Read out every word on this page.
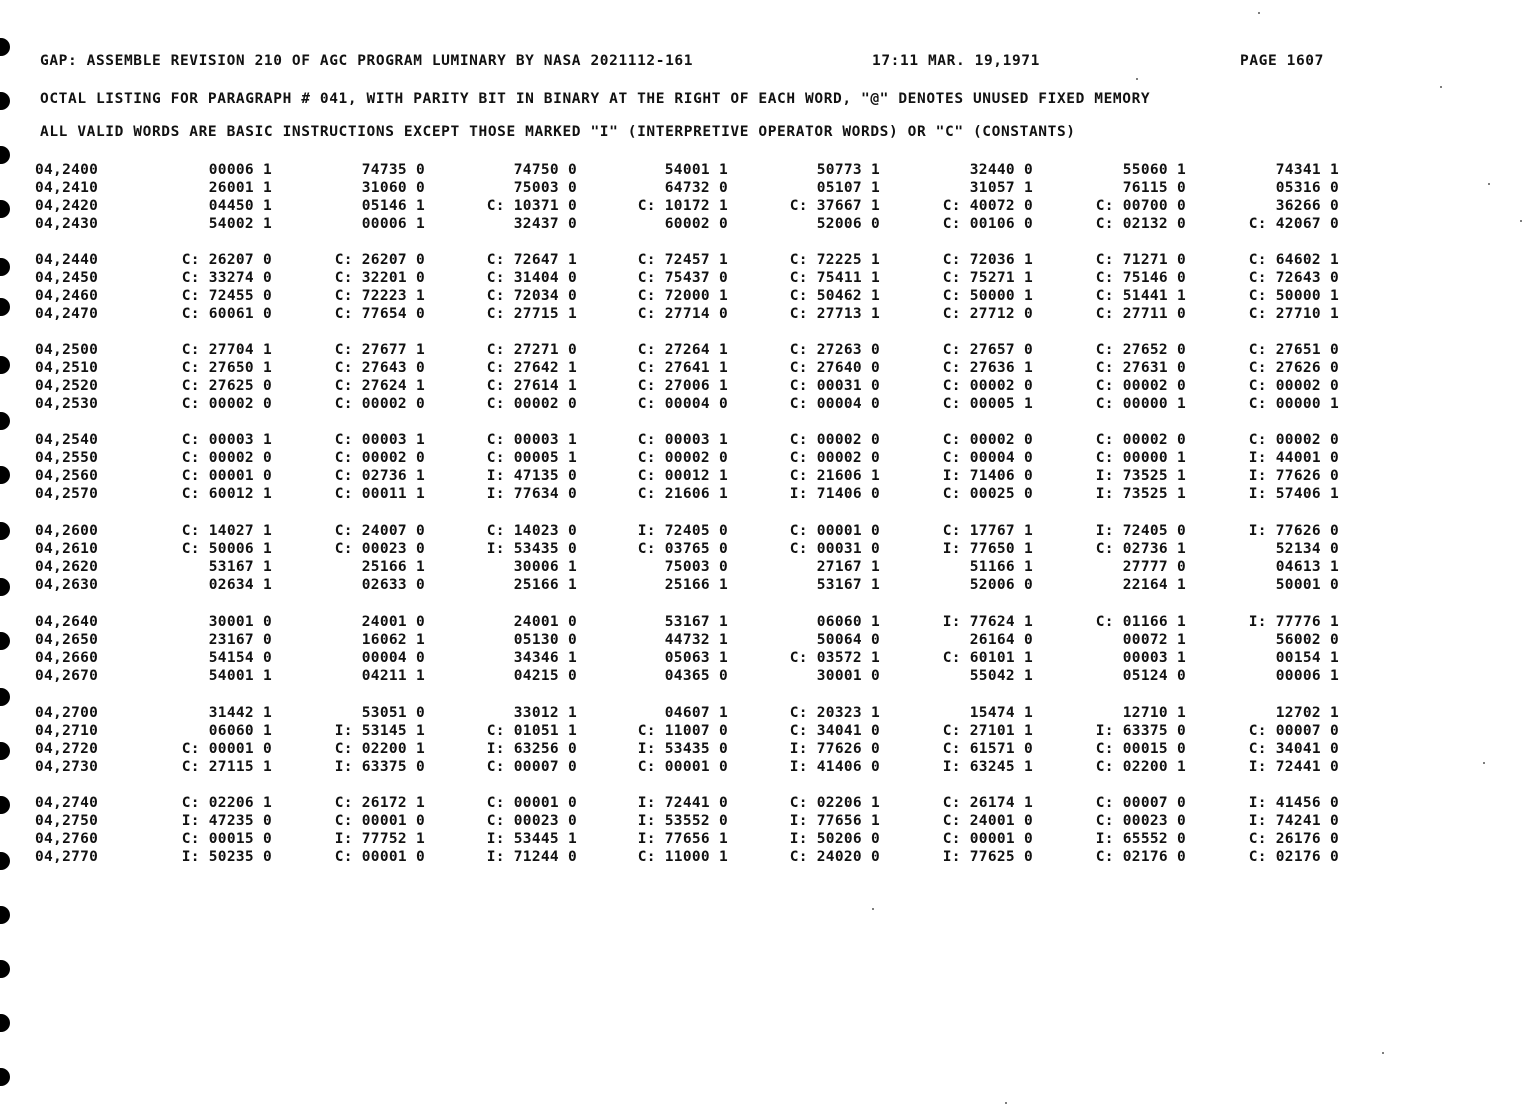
GAP: ASSEMBLE REVISION 210 OF AGC PROGRAM LUMINARY BY NASA 2021112-161	17:11 MAR. 19,1971	PAGE 1607
OCTAL LISTING FOR PARAGRAPH # 041, WITH PARITY BIT IN BINARY AT THE RIGHT OF EACH WORD, "@" DENOTES UNUSED FIXED MEMORY
ALL VALID WORDS ARE BASIC INSTRUCTIONS EXCEPT THOSE MARKED "I" (INTERPRETIVE OPERATOR WORDS) OR "C" (CONSTANTS)
04,2400	00006 1	74735 0	74750 0	54001 1	50773 1	32440 0	55060 1	74341 1
04,2410	26001 1	31060 0	75003 0	64732 0	05107 1	31057 1	76115 0	05316 0
04,2420	04450 1	05146 1	C: 10371 0	C: 10172 1	C: 37667 1	C: 40072 0	C: 00700 0	36266 0
04,2430	54002 1	00006 1	32437 0	60002 0	52006 0	C: 00106 0	C: 02132 0	C: 42067 0
04,2440	C: 26207 0	C: 26207 0	C: 72647 1	C: 72457 1	C: 72225 1	C: 72036 1	C: 71271 0	C: 64602 1
04,2450	C: 33274 0	C: 32201 0	C: 31404 0	C: 75437 0	C: 75411 1	C: 75271 1	C: 75146 0	C: 72643 0
04,2460	C: 72455 0	C: 72223 1	C: 72034 0	C: 72000 1	C: 50462 1	C: 50000 1	C: 51441 1	C: 50000 1
04,2470	C: 60061 0	C: 77654 0	C: 27715 1	C: 27714 0	C: 27713 1	C: 27712 0	C: 27711 0	C: 27710 1
04,2500	C: 27704 1	C: 27677 1	C: 27271 0	C: 27264 1	C: 27263 0	C: 27657 0	C: 27652 0	C: 27651 0
04,2510	C: 27650 1	C: 27643 0	C: 27642 1	C: 27641 1	C: 27640 0	C: 27636 1	C: 27631 0	C: 27626 0
04,2520	C: 27625 0	C: 27624 1	C: 27614 1	C: 27006 1	C: 00031 0	C: 00002 0	C: 00002 0	C: 00002 0
04,2530	C: 00002 0	C: 00002 0	C: 00002 0	C: 00004 0	C: 00004 0	C: 00005 1	C: 00000 1	C: 00000 1
04,2540	C: 00003 1	C: 00003 1	C: 00003 1	C: 00003 1	C: 00002 0	C: 00002 0	C: 00002 0	C: 00002 0
04,2550	C: 00002 0	C: 00002 0	C: 00005 1	C: 00002 0	C: 00002 0	C: 00004 0	C: 00000 1	I: 44001 0
04,2560	C: 00001 0	C: 02736 1	I: 47135 0	C: 00012 1	C: 21606 1	I: 71406 0	I: 73525 1	I: 77626 0
04,2570	C: 60012 1	C: 00011 1	I: 77634 0	C: 21606 1	I: 71406 0	C: 00025 0	I: 73525 1	I: 57406 1
04,2600	C: 14027 1	C: 24007 0	C: 14023 0	I: 72405 0	C: 00001 0	C: 17767 1	I: 72405 0	I: 77626 0
04,2610	C: 50006 1	C: 00023 0	I: 53435 0	C: 03765 0	C: 00031 0	I: 77650 1	C: 02736 1	52134 0
04,2620	53167 1	25166 1	30006 1	75003 0	27167 1	51166 1	27777 0	04613 1
04,2630	02634 1	02633 0	25166 1	25166 1	53167 1	52006 0	22164 1	50001 0
04,2640	30001 0	24001 0	24001 0	53167 1	06060 1	I: 77624 1	C: 01166 1	I: 77776 1
04,2650	23167 0	16062 1	05130 0	44732 1	50064 0	26164 0	00072 1	56002 0
04,2660	54154 0	00004 0	34346 1	05063 1	C: 03572 1	C: 60101 1	00003 1	00154 1
04,2670	54001 1	04211 1	04215 0	04365 0	30001 0	55042 1	05124 0	00006 1
04,2700	31442 1	53051 0	33012 1	04607 1	C: 20323 1	15474 1	12710 1	12702 1
04,2710	06060 1	I: 53145 1	C: 01051 1	C: 11007 0	C: 34041 0	C: 27101 1	I: 63375 0	C: 00007 0
04,2720	C: 00001 0	C: 02200 1	I: 63256 0	I: 53435 0	I: 77626 0	C: 61571 0	C: 00015 0	C: 34041 0
04,2730	C: 27115 1	I: 63375 0	C: 00007 0	C: 00001 0	I: 41406 0	I: 63245 1	C: 02200 1	I: 72441 0
04,2740	C: 02206 1	C: 26172 1	C: 00001 0	I: 72441 0	C: 02206 1	C: 26174 1	C: 00007 0	I: 41456 0
04,2750	I: 47235 0	C: 00001 0	C: 00023 0	I: 53552 0	I: 77656 1	C: 24001 0	C: 00023 0	I: 74241 0
04,2760	C: 00015 0	I: 77752 1	I: 53445 1	I: 77656 1	I: 50206 0	C: 00001 0	I: 65552 0	C: 26176 0
04,2770	I: 50235 0	C: 00001 0	I: 71244 0	C: 11000 1	C: 24020 0	I: 77625 0	C: 02176 0	C: 02176 0
